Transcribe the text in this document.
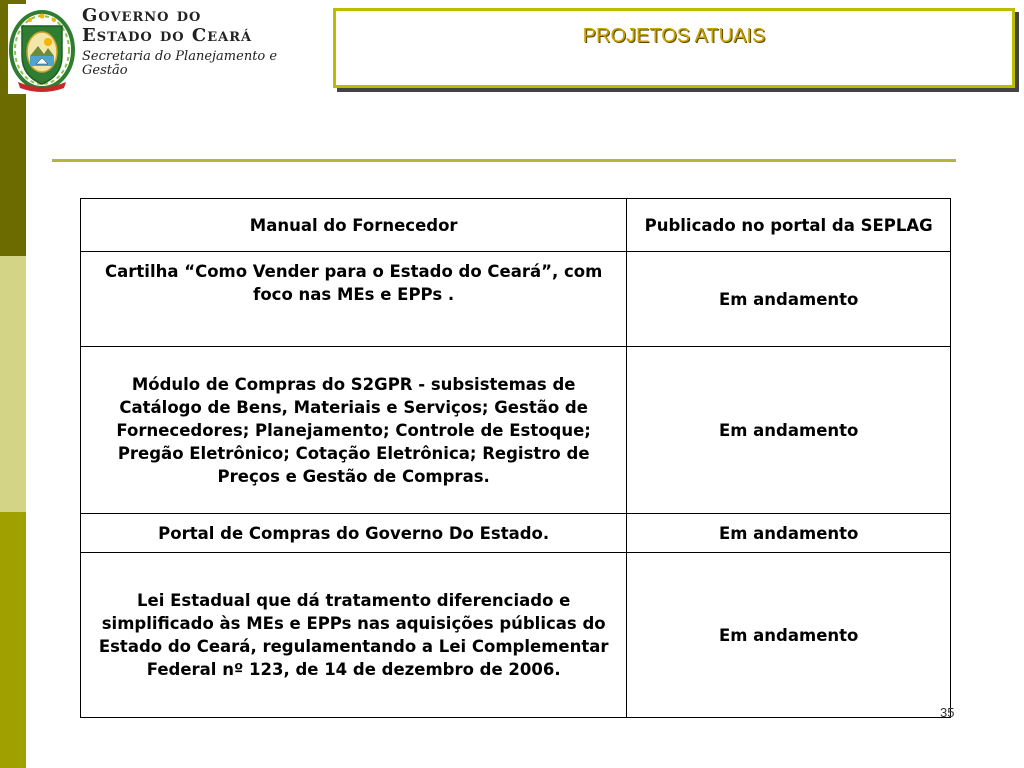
Governo do
Estado do Ceará
Secretaria do Planejamento e
Gestão
PROJETOS ATUAIS
Manual do Fornecedor	Publicado no portal da SEPLAG
Cartilha “Como Vender para o Estado do Ceará”, com foco nas MEs e EPPs .	Em andamento
Módulo de Compras do S2GPR - subsistemas de Catálogo de Bens, Materiais e Serviços; Gestão de Fornecedores; Planejamento; Controle de Estoque; Pregão Eletrônico; Cotação Eletrônica; Registro de Preços e Gestão de Compras.	Em andamento
Portal de Compras do Governo Do Estado.	Em andamento
Lei Estadual que dá tratamento diferenciado e simplificado às MEs e EPPs nas aquisições públicas do Estado do Ceará, regulamentando a Lei Complementar Federal nº 123, de 14 de dezembro de 2006.	Em andamento
35
